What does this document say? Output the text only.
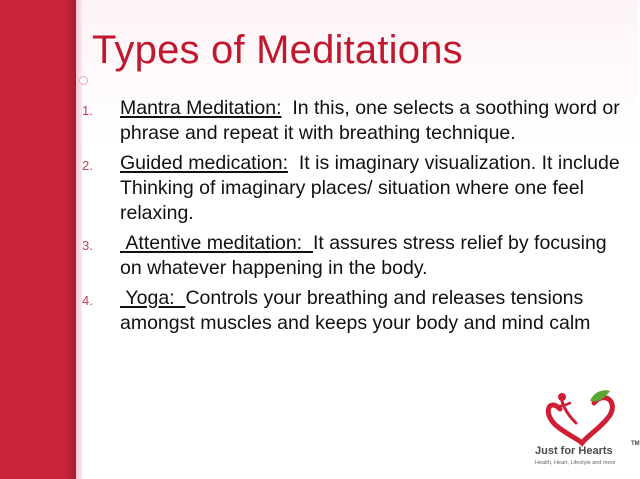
Types of Meditations
1. Mantra Meditation:  In this, one selects a soothing word or phrase and repeat it with breathing technique.
2. Guided medication:  It is imaginary visualization. It include Thinking of imaginary places/ situation where one feel relaxing.
3. Attentive meditation:  It assures stress relief by focusing on whatever happening in the body.
4. Yoga:  Controls your breathing and releases tensions amongst muscles and keeps your body and mind calm
Just for Hearts
TM
Health, Heart, Lifestyle and more
